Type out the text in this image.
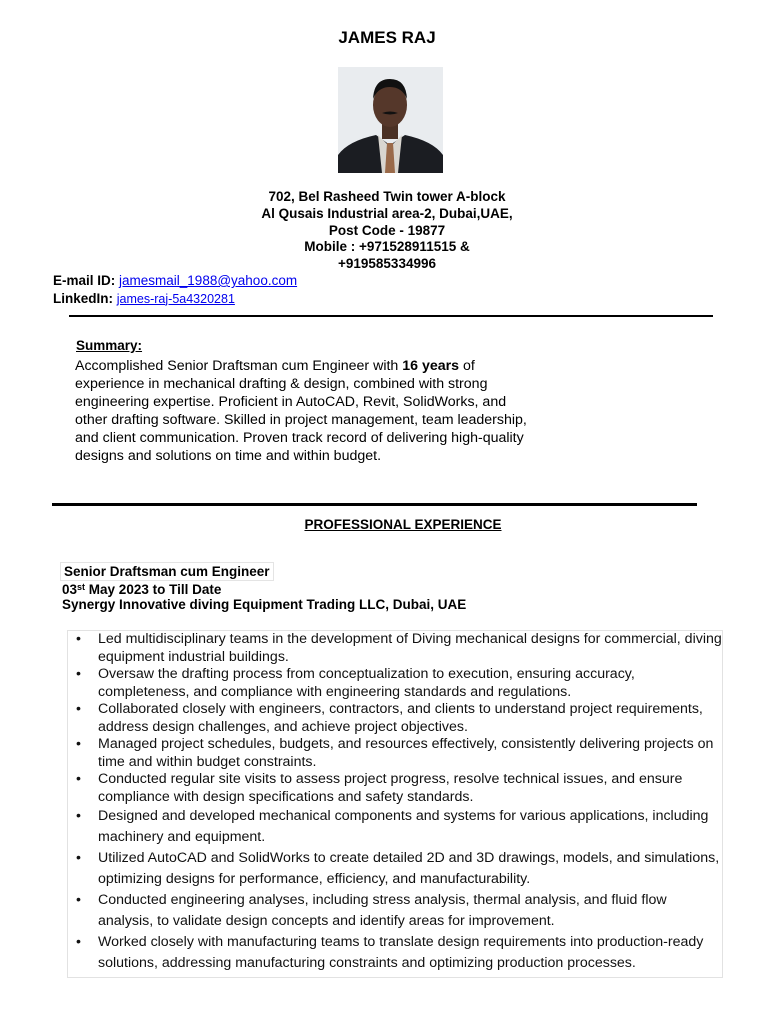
JAMES RAJ
702, Bel Rasheed Twin tower A-block
Al Qusais Industrial area-2, Dubai,UAE,
Post Code - 19877
Mobile : +971528911515 &
+919585334996
E-mail ID: jamesmail_1988@yahoo.com
LinkedIn: james-raj-5a4320281
Summary:
Accomplished Senior Draftsman cum Engineer with 16 years of experience in mechanical drafting & design, combined with strong engineering expertise. Proficient in AutoCAD, Revit, SolidWorks, and other drafting software. Skilled in project management, team leadership, and client communication. Proven track record of delivering high-quality designs and solutions on time and within budget.
PROFESSIONAL EXPERIENCE
Senior Draftsman cum Engineer
03st May 2023 to Till Date
Synergy Innovative diving Equipment Trading LLC, Dubai, UAE
• Led multidisciplinary teams in the development of Diving mechanical designs for commercial, diving equipment industrial buildings.
• Oversaw the drafting process from conceptualization to execution, ensuring accuracy, completeness, and compliance with engineering standards and regulations.
• Collaborated closely with engineers, contractors, and clients to understand project requirements, address design challenges, and achieve project objectives.
• Managed project schedules, budgets, and resources effectively, consistently delivering projects on time and within budget constraints.
• Conducted regular site visits to assess project progress, resolve technical issues, and ensure compliance with design specifications and safety standards.
• Designed and developed mechanical components and systems for various applications, including machinery and equipment.
• Utilized AutoCAD and SolidWorks to create detailed 2D and 3D drawings, models, and simulations, optimizing designs for performance, efficiency, and manufacturability.
• Conducted engineering analyses, including stress analysis, thermal analysis, and fluid flow analysis, to validate design concepts and identify areas for improvement.
• Worked closely with manufacturing teams to translate design requirements into production-ready solutions, addressing manufacturing constraints and optimizing production processes.
